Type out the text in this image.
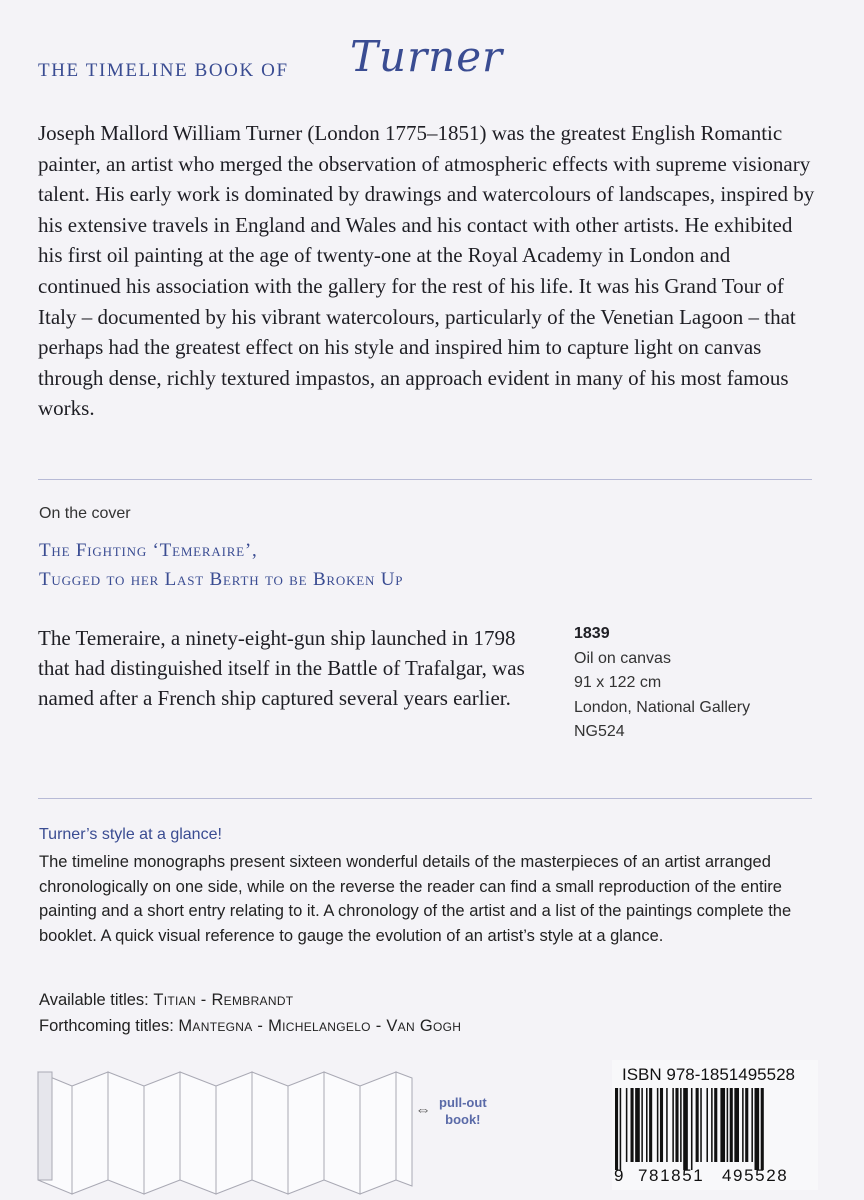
THE TIMELINE BOOK OF Turner

Joseph Mallord William Turner (London 1775–1851) was the greatest English Romantic painter, an artist who merged the observation of atmospheric effects with supreme visionary talent. His early work is dominated by drawings and watercolours of landscapes, inspired by his extensive travels in England and Wales and his contact with other artists. He exhibited his first oil painting at the age of twenty-one at the Royal Academy in London and continued his association with the gallery for the rest of his life. It was his Grand Tour of Italy – documented by his vibrant watercolours, particularly of the Venetian Lagoon – that perhaps had the greatest effect on his style and inspired him to capture light on canvas through dense, richly textured impastos, an approach evident in many of his most famous works.

On the cover

The Fighting ‘Temeraire’,
Tugged to her Last Berth to be Broken Up

The Temeraire, a ninety-eight-gun ship launched in 1798 that had distinguished itself in the Battle of Trafalgar, was named after a French ship captured several years earlier.

1839
Oil on canvas
91 x 122 cm
London, National Gallery
NG524
Turner’s style at a glance!

The timeline monographs present sixteen wonderful details of the masterpieces of an artist arranged chronologically on one side, while on the reverse the reader can find a small reproduction of the entire painting and a short entry relating to it. A chronology of the artist and a list of the paintings complete the booklet. A quick visual reference to gauge the evolution of an artist’s style at a glance.

Available titles: Titian - Rembrandt
Forthcoming titles: Mantegna - Michelangelo - Van Gogh
⇔ pull-out
book!
ISBN 978-1851495528
9 781851 495528
